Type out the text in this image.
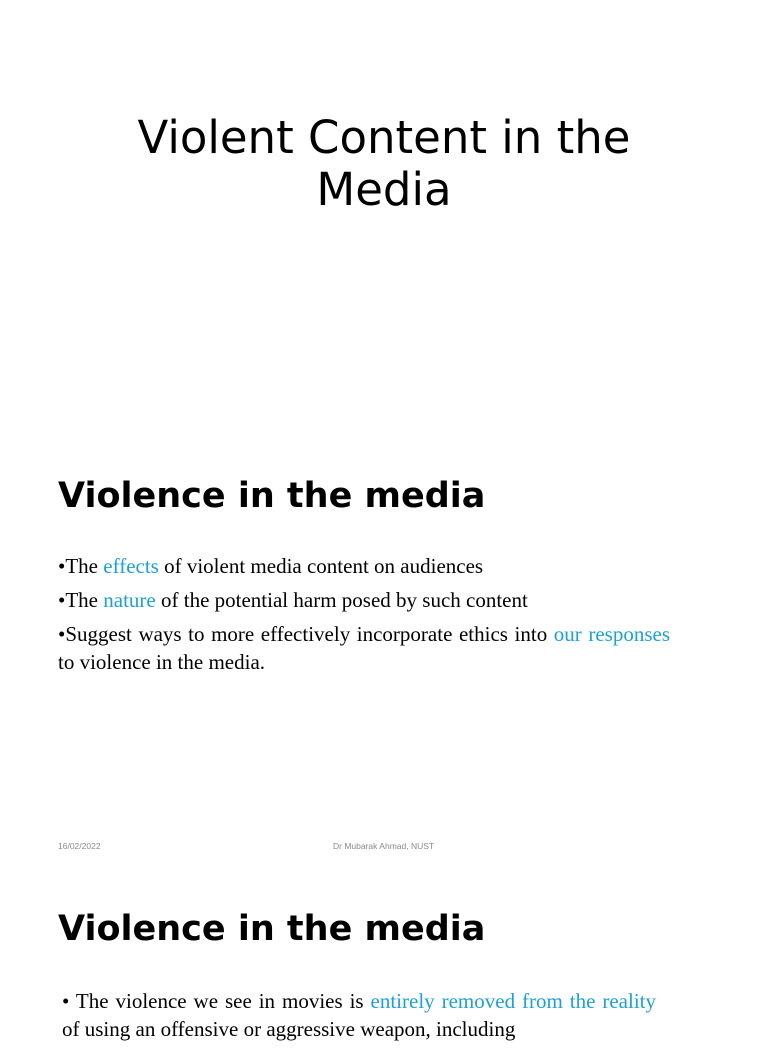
Violent Content in the
Media
Violence in the media
•The effects of violent media content on audiences
•The nature of the potential harm posed by such content
•Suggest ways to more effectively incorporate ethics into our responses to violence in the media.
16/02/2022	Dr Mubarak Ahmad, NUST
Violence in the media
• The violence we see in movies is entirely removed from the reality of using an offensive or aggressive weapon, including
